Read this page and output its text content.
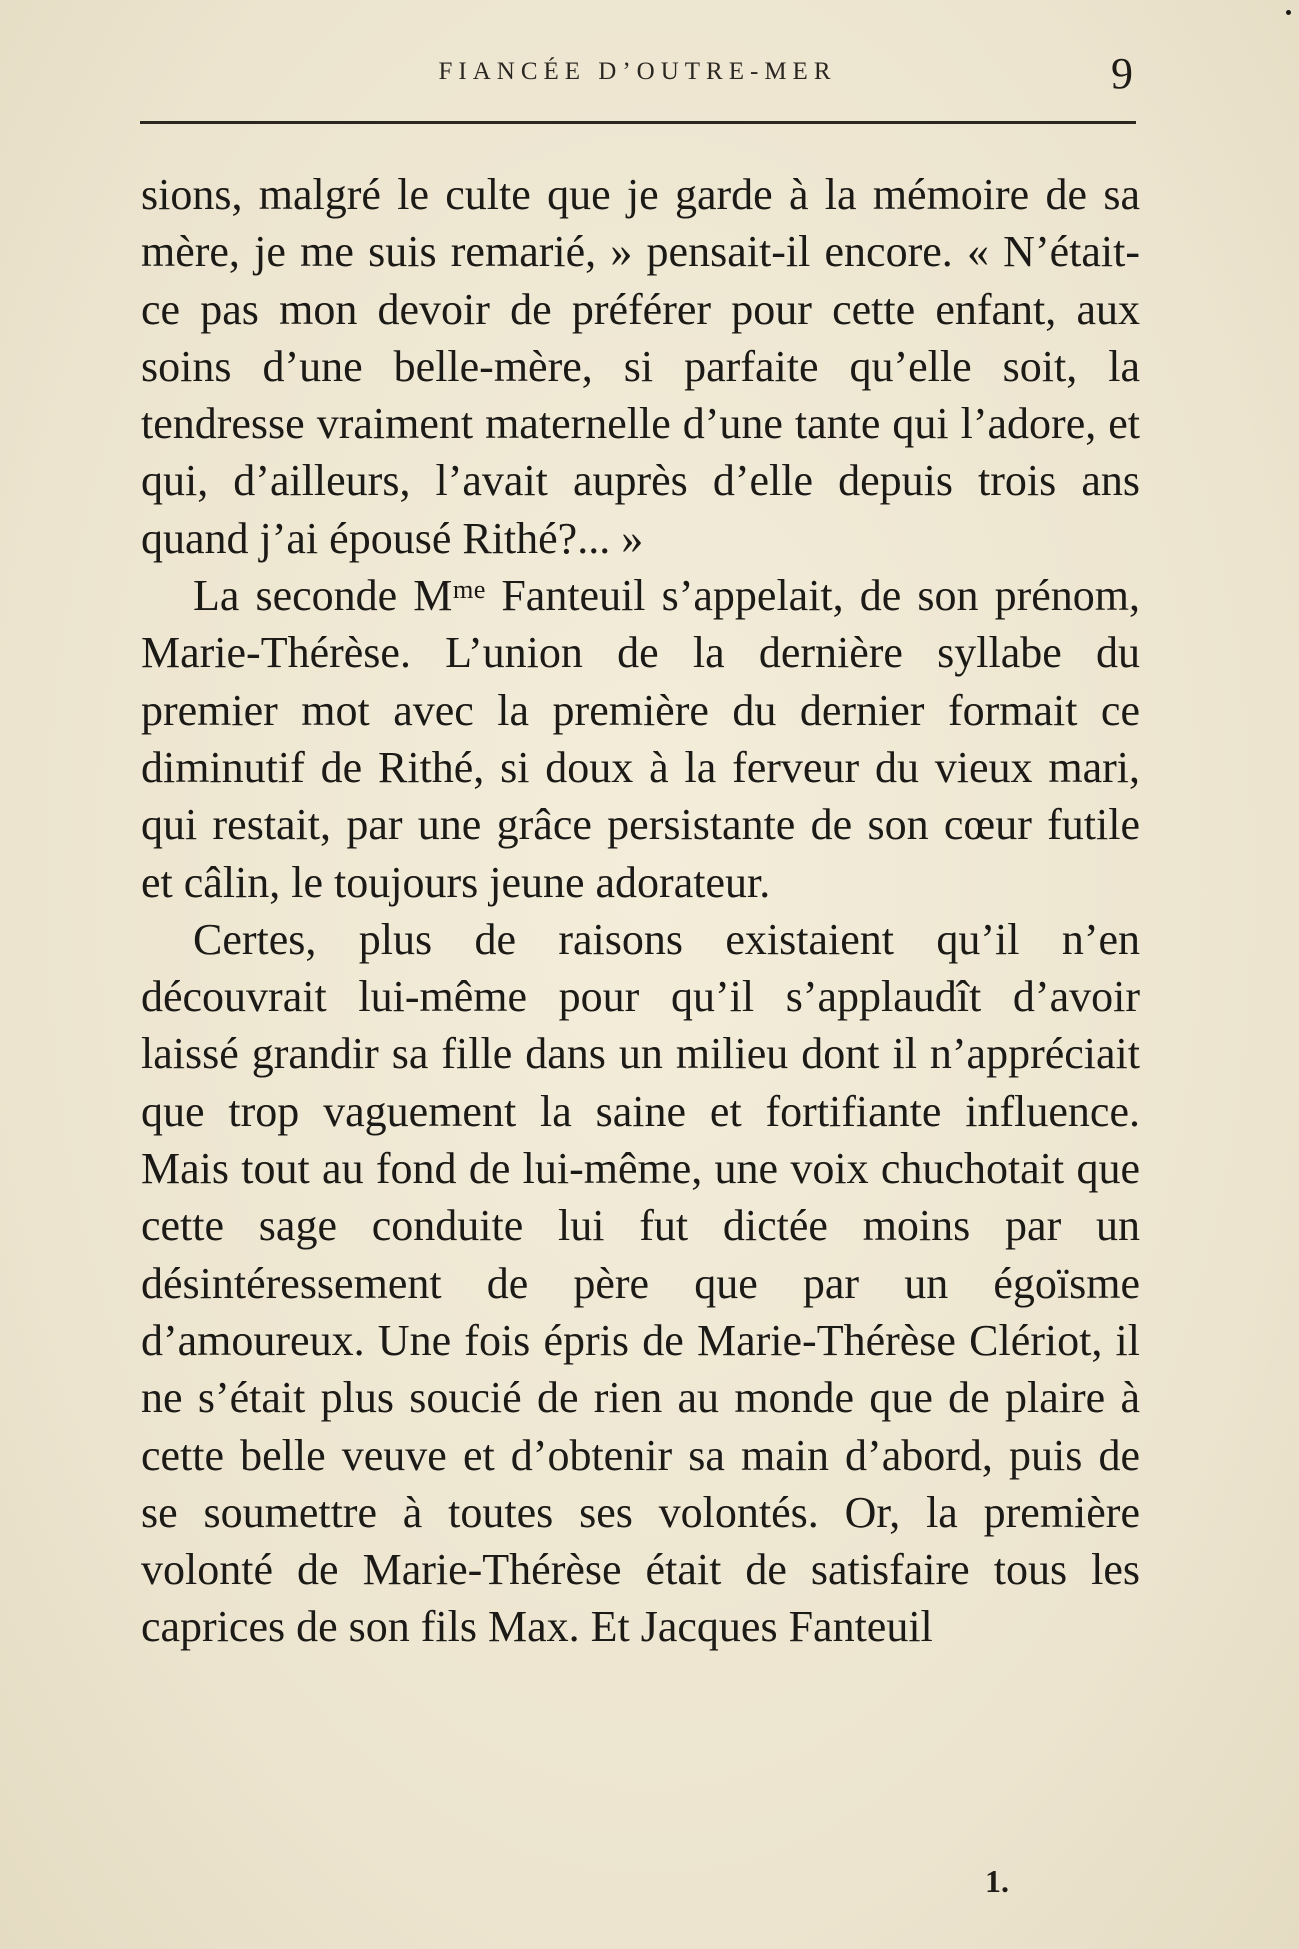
FIANCÉE D’OUTRE-MER	9

sions, malgré le culte que je garde à la mémoire de sa mère, je me suis remarié, » pensait-il encore. « N’était-ce pas mon devoir de préférer pour cette enfant, aux soins d’une belle-mère, si parfaite qu’elle soit, la tendresse vraiment maternelle d’une tante qui l’adore, et qui, d’ailleurs, l’avait auprès d’elle depuis trois ans quand j’ai épousé Rithé?... »

La seconde Mᵐᵉ Fanteuil s’appelait, de son prénom, Marie-Thérèse. L’union de la dernière syllabe du premier mot avec la première du dernier formait ce diminutif de Rithé, si doux à la ferveur du vieux mari, qui restait, par une grâce persistante de son cœur futile et câlin, le toujours jeune adorateur.

Certes, plus de raisons existaient qu’il n’en découvrait lui-même pour qu’il s’applaudît d’avoir laissé grandir sa fille dans un milieu dont il n’appréciait que trop vaguement la saine et fortifiante influence. Mais tout au fond de lui-même, une voix chuchotait que cette sage conduite lui fut dictée moins par un désintéressement de père que par un égoïsme d’amoureux. Une fois épris de Marie-Thérèse Clériot, il ne s’était plus soucié de rien au monde que de plaire à cette belle veuve et d’obtenir sa main d’abord, puis de se soumettre à toutes ses volontés. Or, la première volonté de Marie-Thérèse était de satisfaire tous les caprices de son fils Max. Et Jacques Fanteuil

1.
